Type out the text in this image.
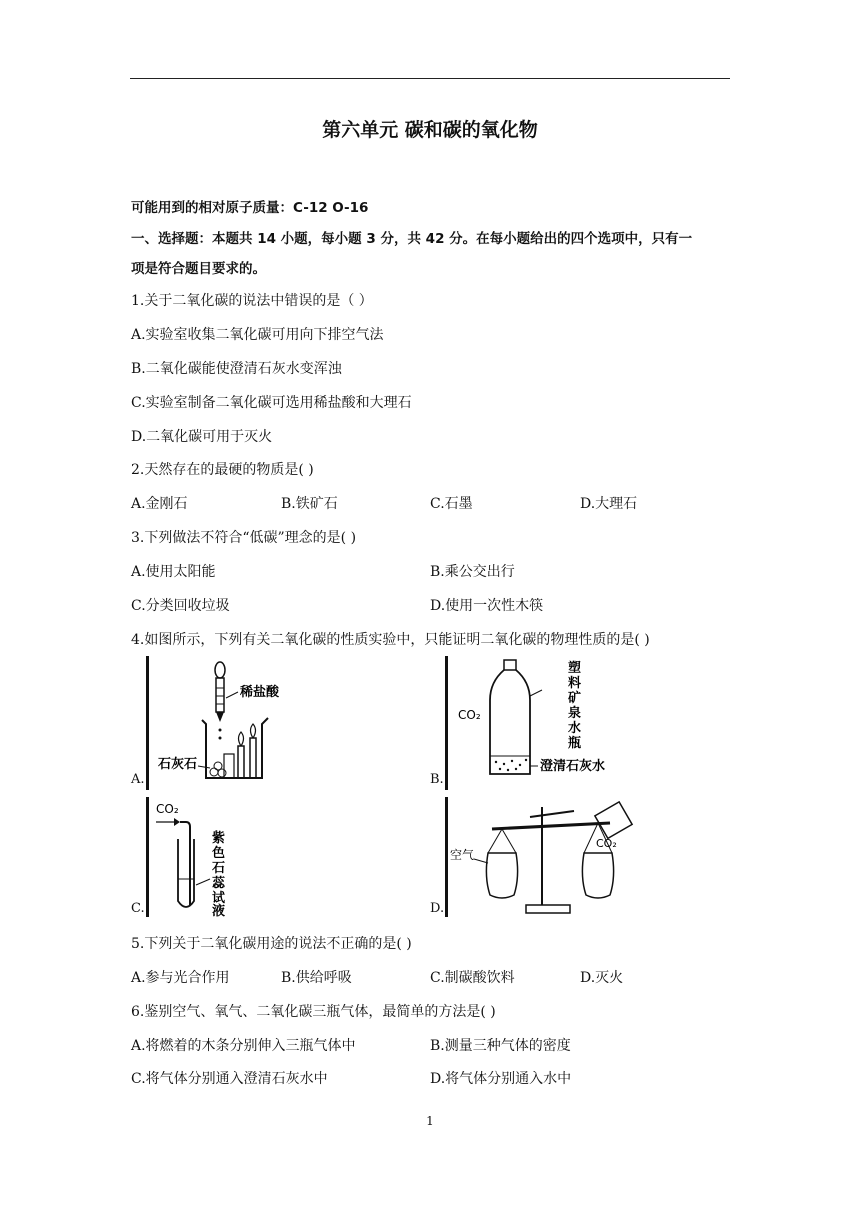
第六单元 碳和碳的氧化物
可能用到的相对原子质量：C-12 O-16
一、选择题：本题共 14 小题，每小题 3 分，共 42 分。在每小题给出的四个选项中，只有一
项是符合题目要求的。
1.关于二氧化碳的说法中错误的是（ ）
A.实验室收集二氧化碳可用向下排空气法
B.二氧化碳能使澄清石灰水变浑浊
C.实验室制备二氧化碳可选用稀盐酸和大理石
D.二氧化碳可用于灭火
2.天然存在的最硬的物质是( )
A.金刚石	B.铁矿石	C.石墨	D.大理石
3.下列做法不符合“低碳”理念的是( )
A.使用太阳能	B.乘公交出行
C.分类回收垃圾	D.使用一次性木筷
4.如图所示，下列有关二氧化碳的性质实验中，只能证明二氧化碳的物理性质的是( )
A.
稀盐酸
石灰石
B.
CO₂
塑料矿 泉水瓶
澄清石灰水
C.
CO₂
紫色石 蕊试液	D.
空气
CO₂
5.下列关于二氧化碳用途的说法不正确的是( )
A.参与光合作用	B.供给呼吸	C.制碳酸饮料	D.灭火
6.鉴别空气、氧气、二氧化碳三瓶气体，最简单的方法是( )
A.将燃着的木条分别伸入三瓶气体中	B.测量三种气体的密度
C.将气体分别通入澄清石灰水中	D.将气体分别通入水中
1
